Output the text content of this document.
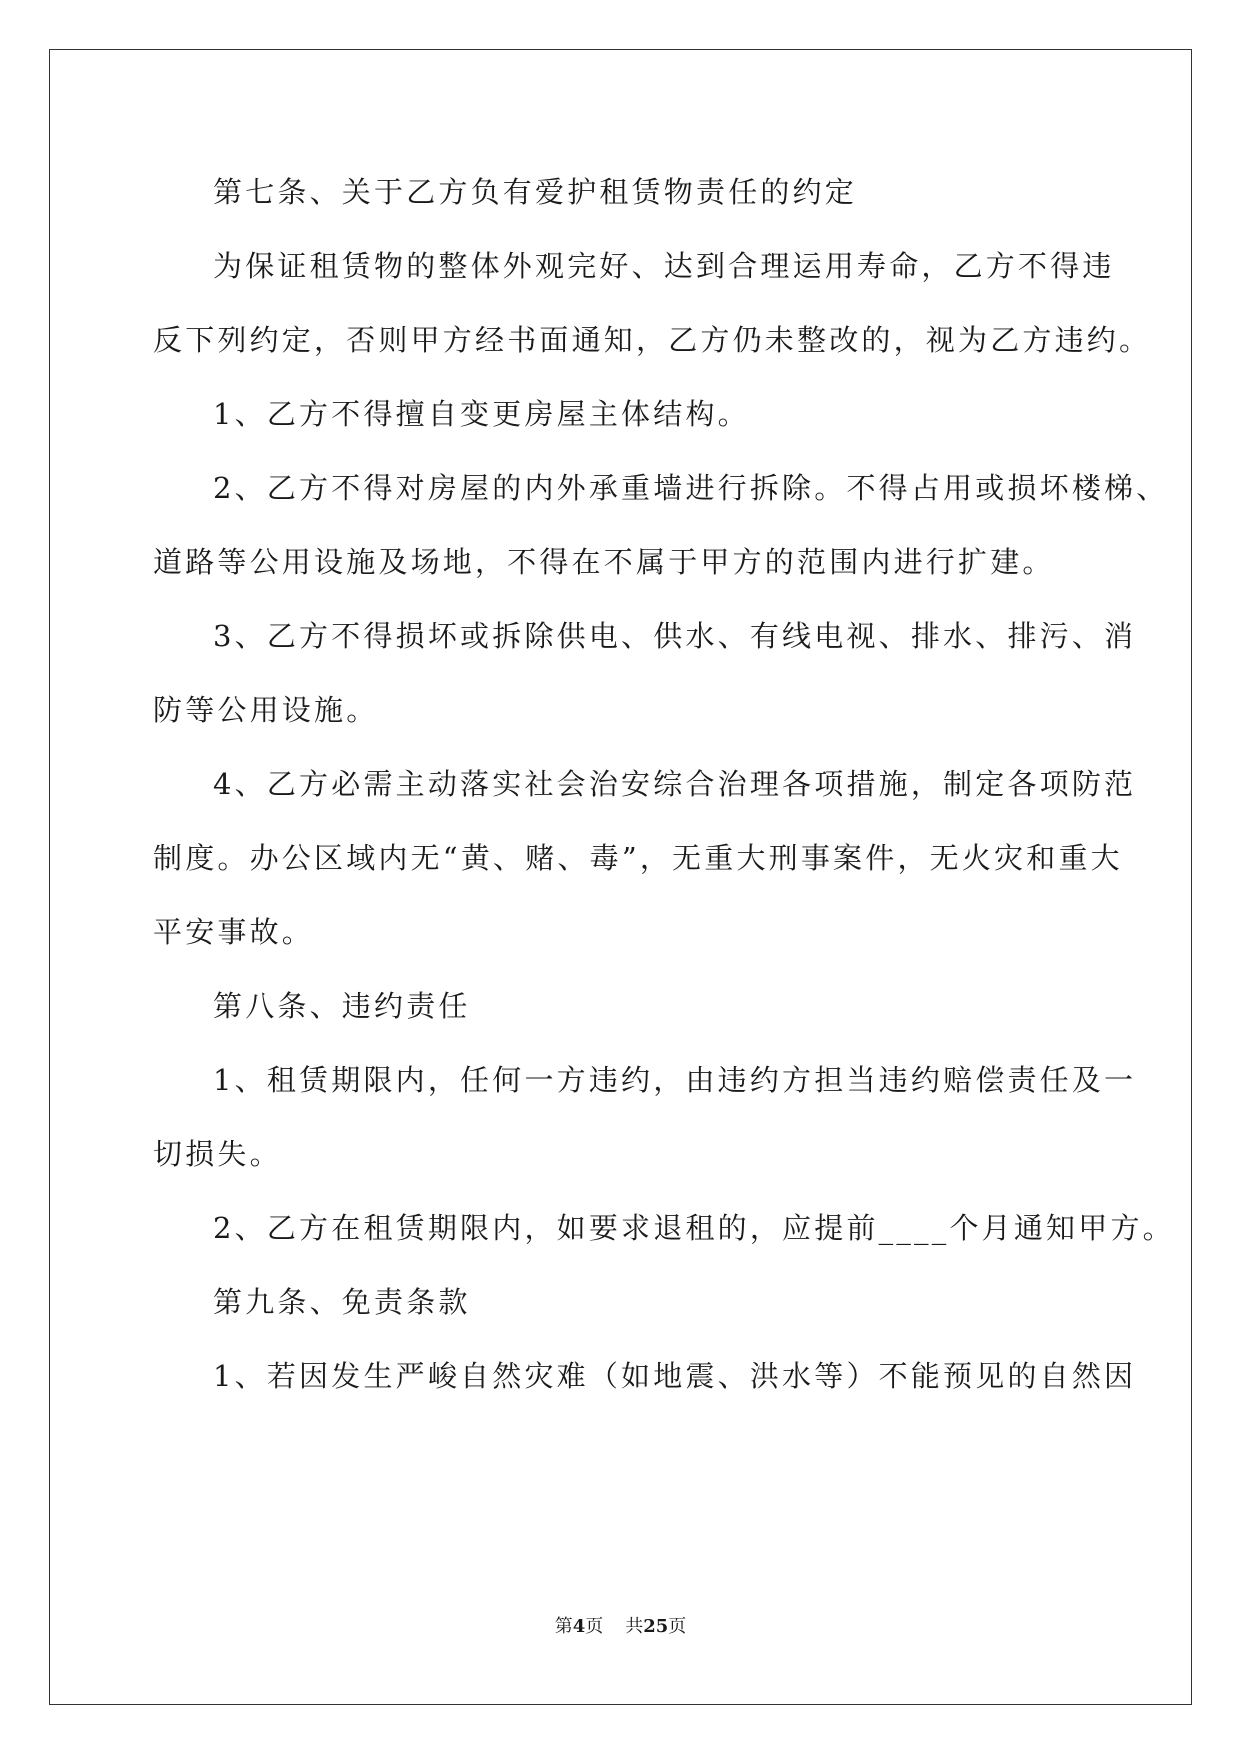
第七条、关于乙方负有爱护租赁物责任的约定
为保证租赁物的整体外观完好、达到合理运用寿命，乙方不得违
反下列约定，否则甲方经书面通知，乙方仍未整改的，视为乙方违约。
1、乙方不得擅自变更房屋主体结构。
2、乙方不得对房屋的内外承重墙进行拆除。不得占用或损坏楼梯、
道路等公用设施及场地，不得在不属于甲方的范围内进行扩建。
3、乙方不得损坏或拆除供电、供水、有线电视、排水、排污、消
防等公用设施。
4、乙方必需主动落实社会治安综合治理各项措施，制定各项防范
制度。办公区域内无“黄、赌、毒”，无重大刑事案件，无火灾和重大
平安事故。
第八条、违约责任
1、租赁期限内，任何一方违约，由违约方担当违约赔偿责任及一
切损失。
2、乙方在租赁期限内，如要求退租的，应提前____个月通知甲方。
第九条、免责条款
1、若因发生严峻自然灾难（如地震、洪水等）不能预见的自然因
第4页 共25页
